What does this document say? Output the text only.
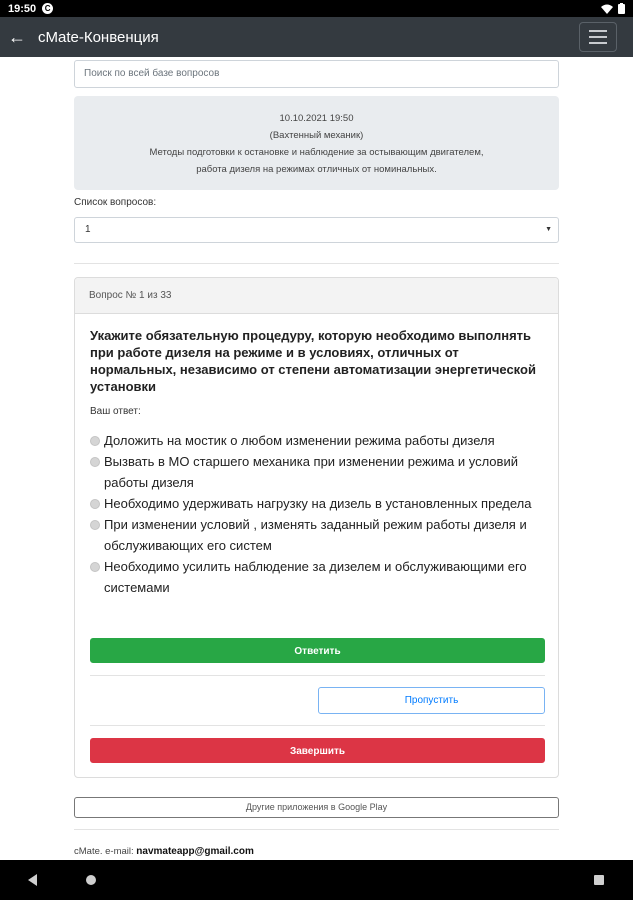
19:50	C
← cMate-Конвенция
Поиск по всей базе вопросов
10.10.2021 19:50
(Вахтенный механик)
Методы подготовки к остановке и наблюдение за остывающим двигателем,
работа дизеля на режимах отличных от номинальных.
Список вопросов:
1	▼
Вопрос № 1 из 33
Укажите обязательную процедуру, которую необходимо выполнять при работе дизеля на режиме и в условиях, отличных от нормальных, независимо от степени автоматизации энергетической установки
Ваш ответ:
Доложить на мостик о любом изменении режима работы дизеля
Вызвать в МО старшего механика при изменении режима и условий работы дизеля
Необходимо удерживать нагрузку на дизель в установленных предела
При изменении условий , изменять заданный режим работы дизеля и обслуживающих его систем
Необходимо усилить наблюдение за дизелем и обслуживающими его системами
Ответить
Пропустить
Завершить
Другие приложения в Google Play
cMate. e-mail: navmateapp@gmail.com
